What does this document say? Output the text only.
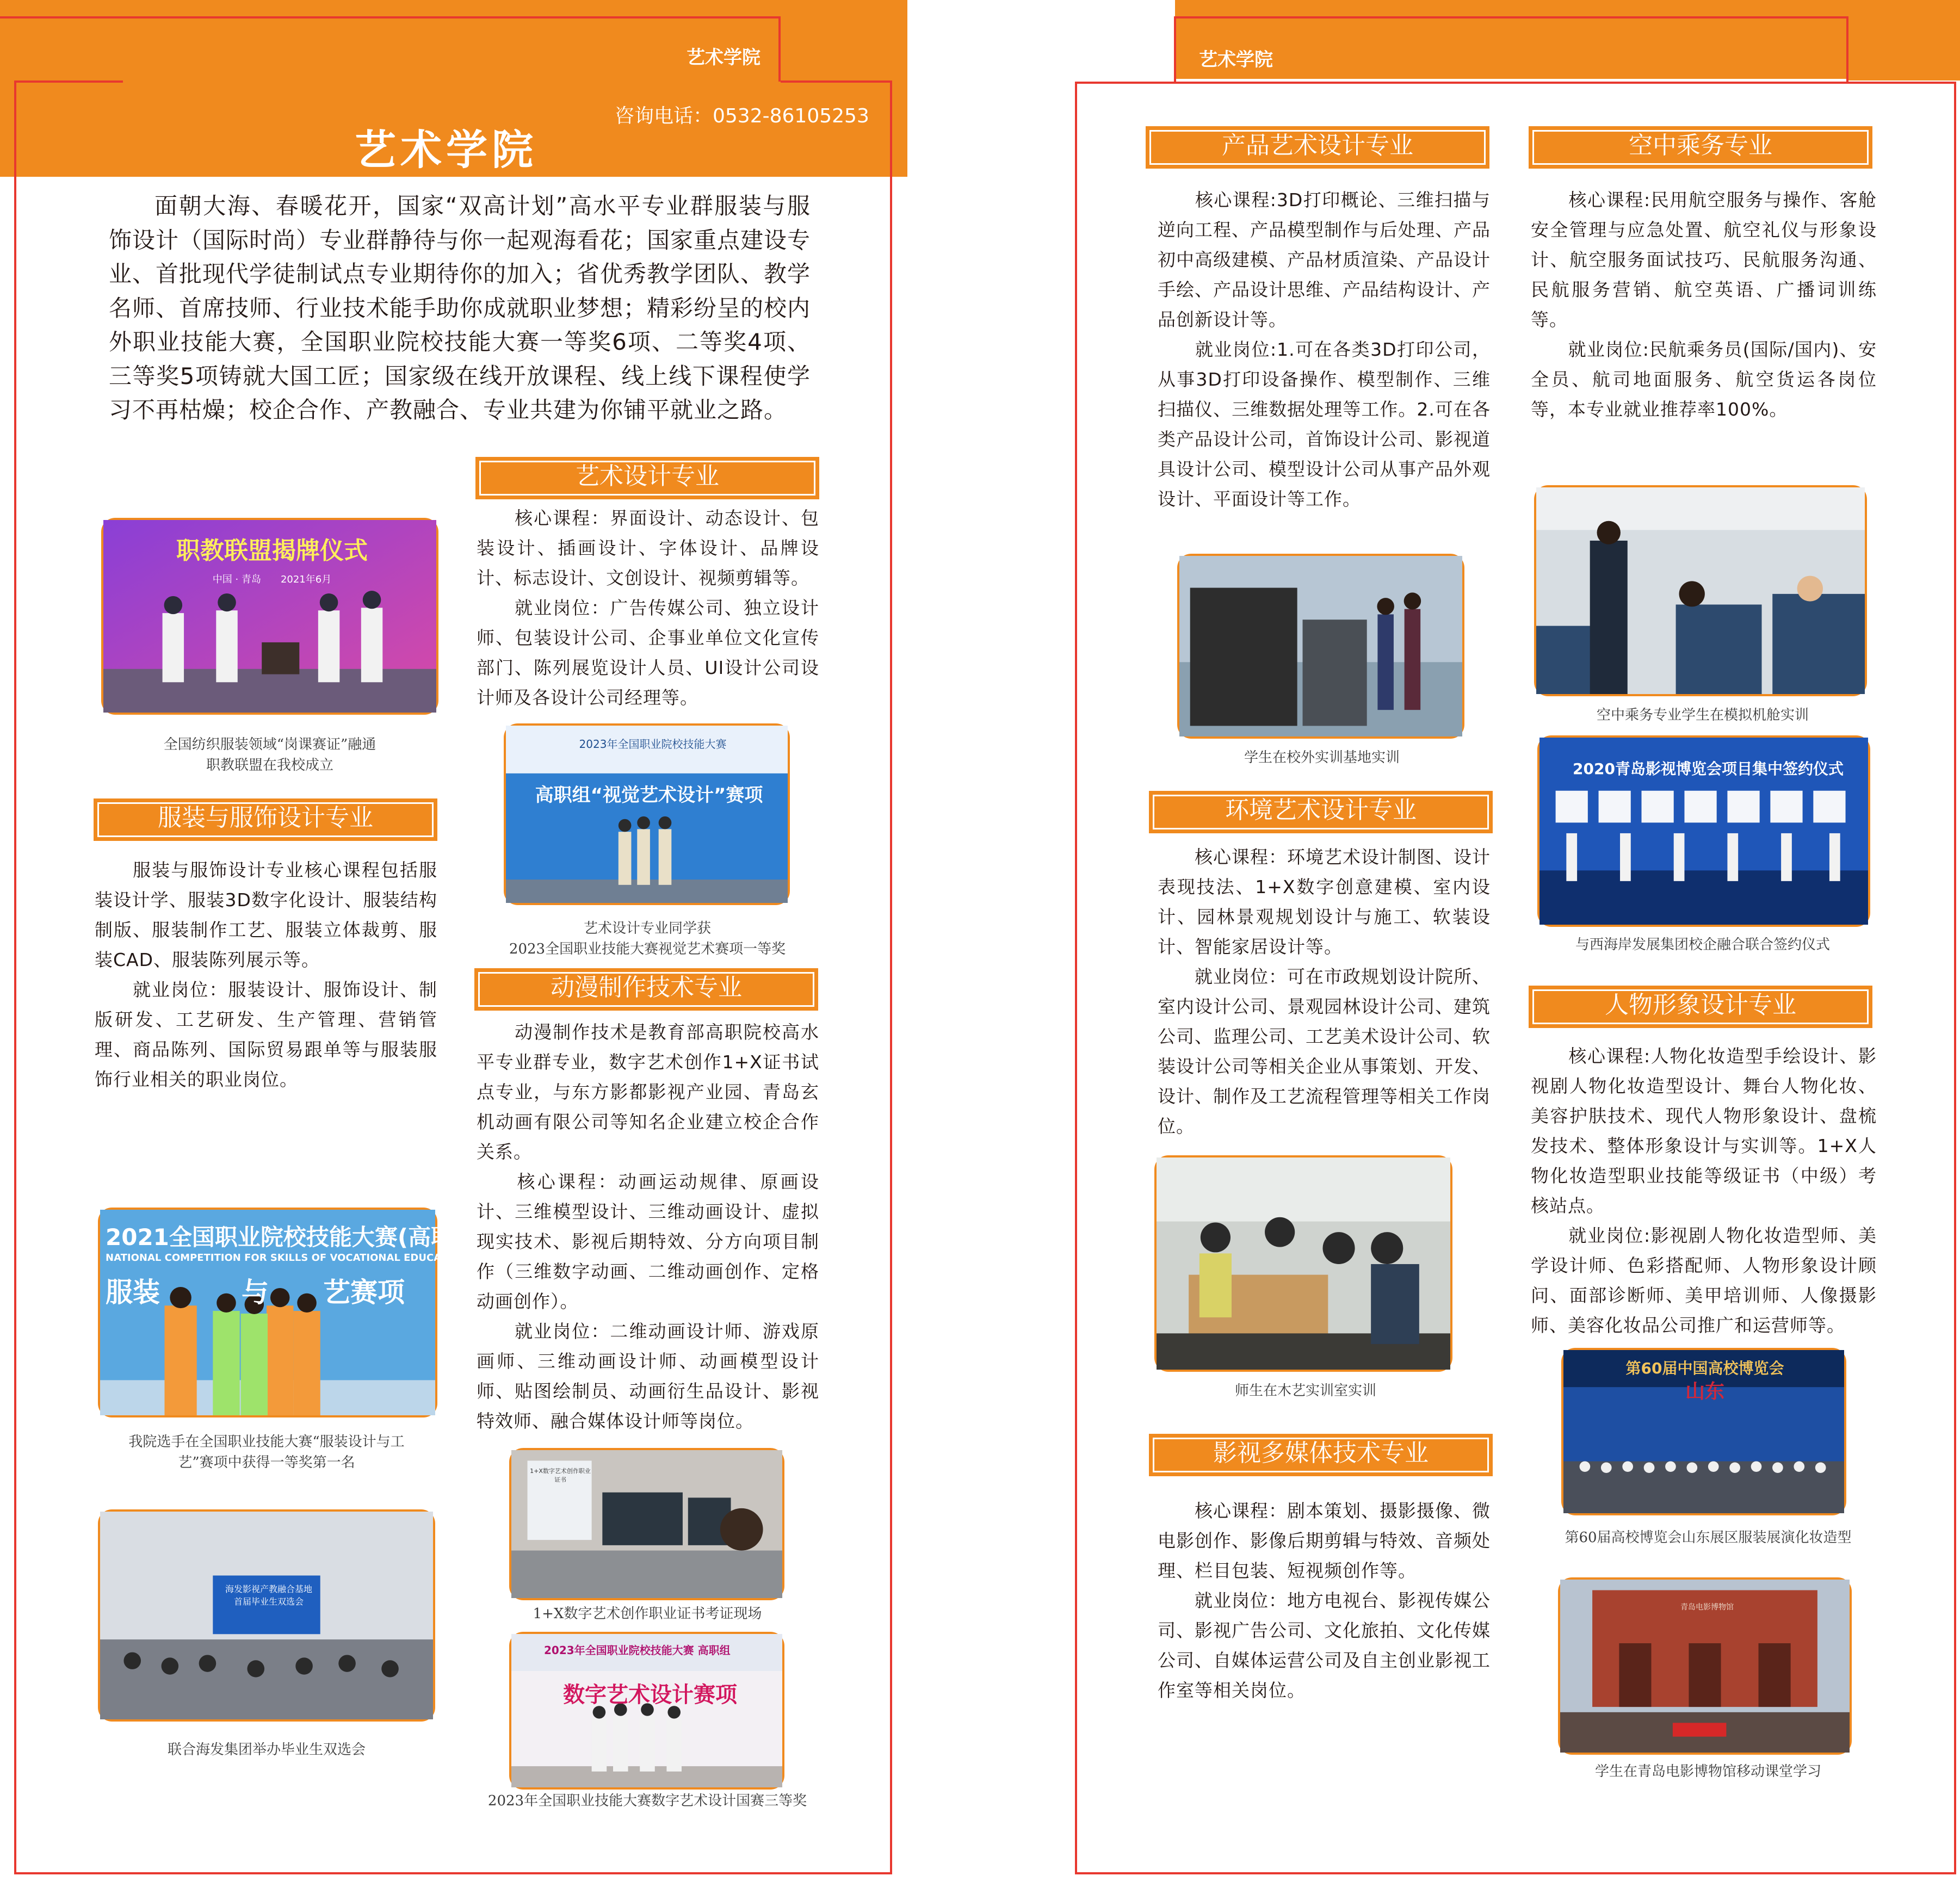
艺术学院
咨询电话：0532-86105253
艺术学院

面朝大海、春暖花开，国家“双高计划”高水平专业群服装与服饰设计（国际时尚）专业群静待与你一起观海看花；国家重点建设专业、首批现代学徒制试点专业期待你的加入；省优秀教学团队、教学名师、首席技师、行业技术能手助你成就职业梦想；精彩纷呈的校内外职业技能大赛，全国职业院校技能大赛一等奖6项、二等奖4项、三等奖5项铸就大国工匠；国家级在线开放课程、线上线下课程使学习不再枯燥；校企合作、产教融合、专业共建为你铺平就业之路。

艺术设计专业

　　核心课程：界面设计、动态设计、包装设计、插画设计、字体设计、品牌设计、标志设计、文创设计、视频剪辑等。
　　就业岗位：广告传媒公司、独立设计师、包装设计公司、企事业单位文化宣传部门、陈列展览设计人员、UI设计公司设计师及各设计公司经理等。

职教联盟揭牌仪式
中国 · 青岛　　2021年6月
全国纺织服装领域“岗课赛证”融通
职教联盟在我校成立
2023年全国职业院校技能大赛
高职组“视觉艺术设计”赛项
艺术设计专业同学获
2023全国职业技能大赛视觉艺术赛项一等奖
服装与服饰设计专业

　　服装与服饰设计专业核心课程包括服装设计学、服装3D数字化设计、服装结构制版、服装制作工艺、服装立体裁剪、服装CAD、服装陈列展示等。
　　就业岗位：服装设计、服饰设计、制版研发、工艺研发、生产管理、营销管理、商品陈列、国际贸易跟单等与服装服饰行业相关的职业岗位。

动漫制作技术专业

　　动漫制作技术是教育部高职院校高水平专业群专业，数字艺术创作1+X证书试点专业，与东方影都影视产业园、青岛玄机动画有限公司等知名企业建立校企合作关系。
　　核心课程：动画运动规律、原画设计、三维模型设计、三维动画设计、虚拟现实技术、影视后期特效、分方向项目制作（三维数字动画、二维动画创作、定格动画创作）。
　　就业岗位：二维动画设计师、游戏原画师、三维动画设计师、动画模型设计师、贴图绘制员、动画衍生品设计、影视特效师、融合媒体设计师等岗位。

2021全国职业院校技能大赛(高职组
NATIONAL COMPETITION FOR SKILLS OF VOCATIONAL EDUCATION
服装　　　与　　艺赛项
我院选手在全国职业技能大赛“服装设计与工
艺”赛项中获得一等奖第一名
海发影视产教融合基地
首届毕业生双选会
联合海发集团举办毕业生双选会
1+X数字艺术创作职业证书
1+X数字艺术创作职业证书考证现场
2023年全国职业院校技能大赛 高职组
数字艺术设计赛项
2023年全国职业技能大赛数字艺术设计国赛三等奖
艺术学院
产品艺术设计专业

　　核心课程:3D打印概论、三维扫描与逆向工程、产品模型制作与后处理、产品初中高级建模、产品材质渲染、产品设计手绘、产品设计思维、产品结构设计、产品创新设计等。
　　就业岗位:1.可在各类3D打印公司，从事3D打印设备操作、模型制作、三维扫描仪、三维数据处理等工作。2.可在各类产品设计公司，首饰设计公司、影视道具设计公司、模型设计公司从事产品外观设计、平面设计等工作。

空中乘务专业

　　核心课程:民用航空服务与操作、客舱安全管理与应急处置、航空礼仪与形象设计、航空服务面试技巧、民航服务沟通、民航服务营销、航空英语、广播词训练等。
　　就业岗位:民航乘务员(国际/国内)、安全员、航司地面服务、航空货运各岗位等，本专业就业推荐率100%。

学生在校外实训基地实训
空中乘务专业学生在模拟机舱实训
2020青岛影视博览会项目集中签约仪式
与西海岸发展集团校企融合联合签约仪式
环境艺术设计专业

　　核心课程：环境艺术设计制图、设计表现技法、1+X数字创意建模、室内设计、园林景观规划设计与施工、软装设计、智能家居设计等。
　　就业岗位：可在市政规划设计院所、室内设计公司、景观园林设计公司、建筑公司、监理公司、工艺美术设计公司、软装设计公司等相关企业从事策划、开发、设计、制作及工艺流程管理等相关工作岗位。

人物形象设计专业

　　核心课程:人物化妆造型手绘设计、影视剧人物化妆造型设计、舞台人物化妆、美容护肤技术、现代人物形象设计、盘梳发技术、整体形象设计与实训等。1+X人物化妆造型职业技能等级证书（中级）考核站点。
　　就业岗位:影视剧人物化妆造型师、美学设计师、色彩搭配师、人物形象设计顾问、面部诊断师、美甲培训师、人像摄影师、美容化妆品公司推广和运营师等。

师生在木艺实训室实训
影视多媒体技术专业

　　核心课程：剧本策划、摄影摄像、微电影创作、影像后期剪辑与特效、音频处理、栏目包装、短视频创作等。
　　就业岗位：地方电视台、影视传媒公司、影视广告公司、文化旅拍、文化传媒公司、自媒体运营公司及自主创业影视工作室等相关岗位。

第60届中国高校博览会
山东
第60届高校博览会山东展区服装展演化妆造型
青岛电影博物馆
学生在青岛电影博物馆移动课堂学习
